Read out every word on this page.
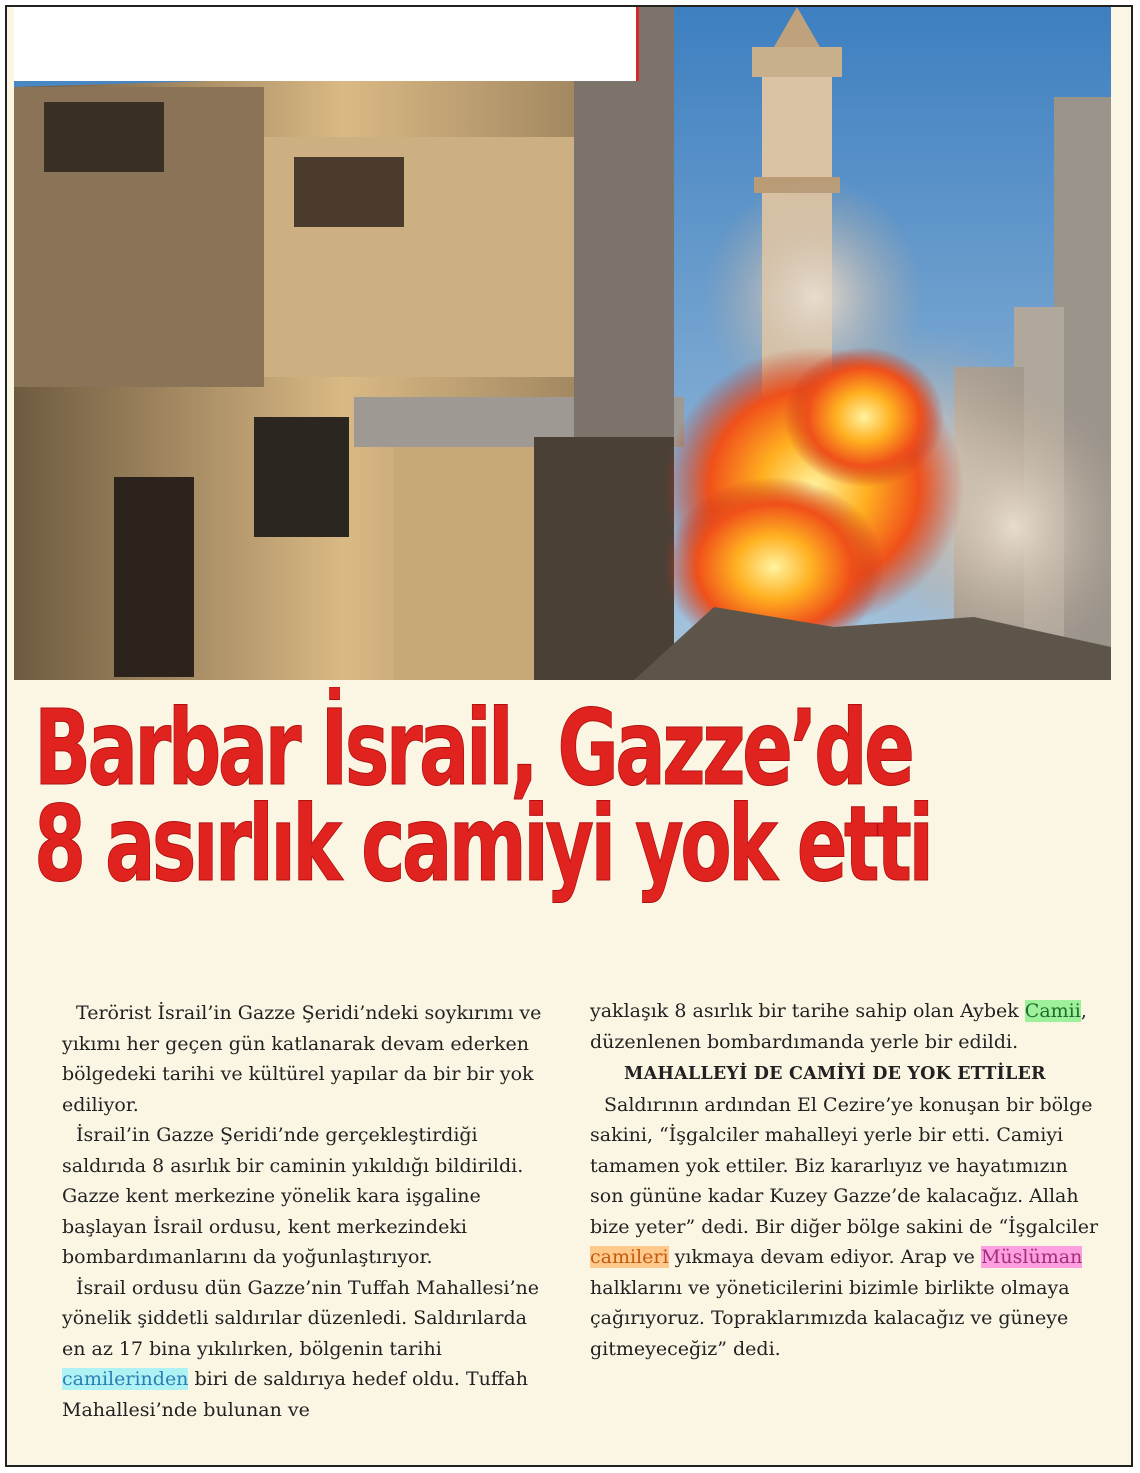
Barbar İsrail, Gazze’de
8 asırlık camiyi yok etti

Terörist İsrail’in Gazze Şeridi’ndeki soykırımı ve yıkımı her geçen gün katlanarak devam ederken bölgedeki tarihi ve kültürel yapılar da bir bir yok ediliyor.

İsrail’in Gazze Şeridi’nde gerçekleştirdiği saldırıda 8 asırlık bir caminin yıkıldığı bildirildi. Gazze kent merkezine yönelik kara işgaline başlayan İsrail ordusu, kent merkezindeki bombardımanlarını da yoğunlaştırıyor.

İsrail ordusu dün Gazze’nin Tuffah Mahallesi’ne yönelik şiddetli saldırılar düzenledi. Saldırılarda en az 17 bina yıkılırken, bölgenin tarihi camilerinden biri de saldırıya hedef oldu. Tuffah Mahallesi’nde bulunan ve

yaklaşık 8 asırlık bir tarihe sahip olan Aybek Camii, düzenlenen bombardımanda yerle bir edildi.

MAHALLEYİ DE CAMİYİ DE YOK ETTİLER

Saldırının ardından El Cezire’ye konuşan bir bölge sakini, “İşgalciler mahalleyi yerle bir etti. Camiyi tamamen yok ettiler. Biz kararlıyız ve hayatımızın son gününe kadar Kuzey Gazze’de kalacağız. Allah bize yeter” dedi. Bir diğer bölge sakini de “İşgalciler camileri yıkmaya devam ediyor. Arap ve Müslüman halklarını ve yöneticilerini bizimle birlikte olmaya çağırıyoruz. Topraklarımızda kalacağız ve güneye gitmeyeceğiz” dedi.
